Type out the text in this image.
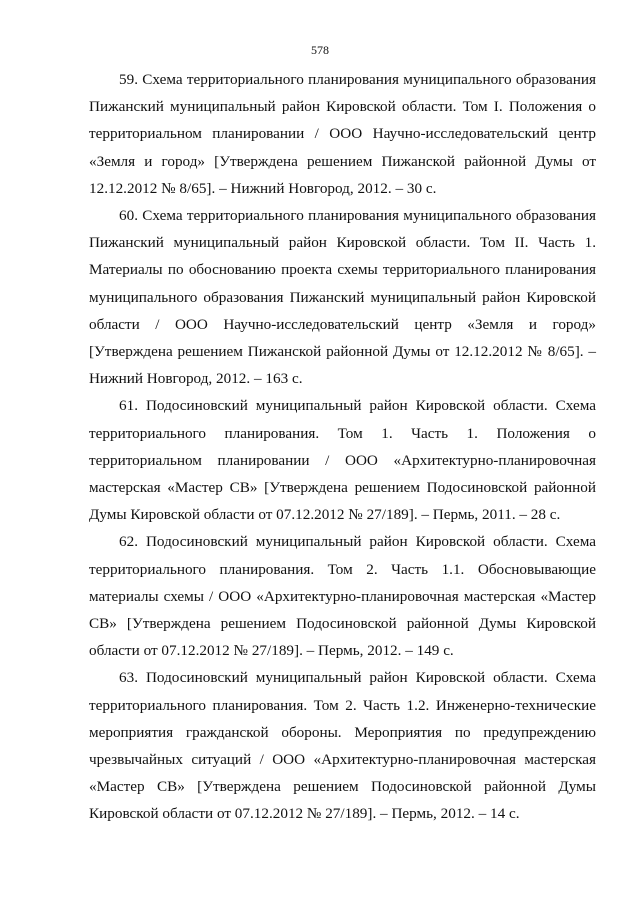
578

59. Схема территориального планирования муниципального образования Пижанский муниципальный район Кировской области. Том I. Положения о территориальном планировании / ООО Научно-исследовательский центр «Земля и город» [Утверждена решением Пижанской районной Думы от 12.12.2012 № 8/65]. – Нижний Новгород, 2012. – 30 с.

60. Схема территориального планирования муниципального образования Пижанский муниципальный район Кировской области. Том II. Часть 1. Материалы по обоснованию проекта схемы территориального планирования муниципального образования Пижанский муниципальный район Кировской области / ООО Научно-исследовательский центр «Земля и город» [Утверждена решением Пижанской районной Думы от 12.12.2012 № 8/65]. – Нижний Новгород, 2012. – 163 с.

61. Подосиновский муниципальный район Кировской области. Схема территориального планирования. Том 1. Часть 1. Положения о территориальном планировании / ООО «Архитектурно-планировочная мастерская «Мастер СВ» [Утверждена решением Подосиновской районной Думы Кировской области от 07.12.2012 № 27/189]. – Пермь, 2011. – 28 с.

62. Подосиновский муниципальный район Кировской области. Схема территориального планирования. Том 2. Часть 1.1. Обосновывающие материалы схемы / ООО «Архитектурно-планировочная мастерская «Мастер СВ» [Утверждена решением Подосиновской районной Думы Кировской области от 07.12.2012 № 27/189]. – Пермь, 2012. – 149 с.

63. Подосиновский муниципальный район Кировской области. Схема территориального планирования. Том 2. Часть 1.2. Инженерно-технические мероприятия гражданской обороны. Мероприятия по предупреждению чрезвычайных ситуаций / ООО «Архитектурно-планировочная мастерская «Мастер СВ» [Утверждена решением Подосиновской районной Думы Кировской области от 07.12.2012 № 27/189]. – Пермь, 2012. – 14 с.
